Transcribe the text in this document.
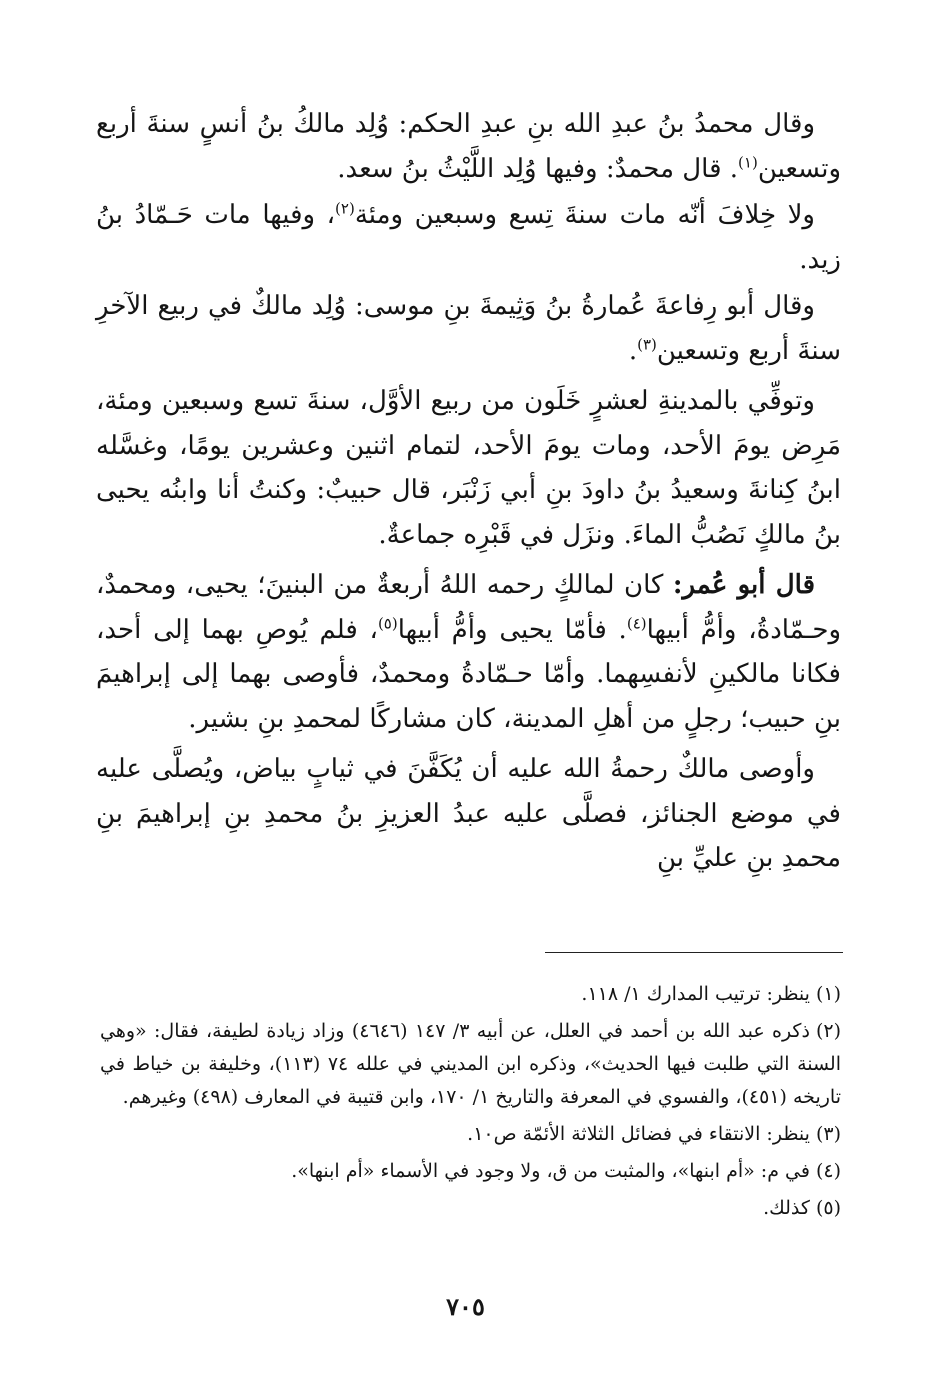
وقال محمدُ بنُ عبدِ الله بنِ عبدِ الحكم: وُلِد مالكُ بنُ أنسٍ سنةَ أربع وتسعين$^{(١)}$. قال محمدٌ: وفيها وُلِد اللَّيْثُ بنُ سعد.

ولا خِلافَ أنّه مات سنةَ تِسع وسبعين ومئة$^{(٢)}$، وفيها مات حَـمّادُ بنُ زيد.

وقال أبو رِفاعةَ عُمارةُ بنُ وَثِيمةَ بنِ موسى: وُلِد مالكٌ في ربيع الآخرِ سنةَ أربع وتسعين$^{(٣)}$.

وتوفِّي بالمدينةِ لعشرٍ خَلَون من ربيع الأوَّل، سنةَ تسع وسبعين ومئة، مَرِض يومَ الأحد، ومات يومَ الأحد، لتمام اثنين وعشرين يومًا، وغسَّله ابنُ كِنانةَ وسعيدُ بنُ داودَ بنِ أبي زَنْبَر، قال حبيبٌ: وكنتُ أنا وابنُه يحيى بنُ مالكٍ نَصُبُّ الماءَ. ونزَل في قَبْرِه جماعةٌ.

قال أبو عُمر: كان لمالكٍ رحمه اللهُ أربعةٌ من البنينَ؛ يحيى، ومحمدٌ، وحـمّادةُ، وأمُّ أبيها$^{(٤)}$. فأمّا يحيى وأمُّ أبيها$^{(٥)}$، فلم يُوصِ بهما إلى أحد، فكانا مالكينِ لأنفسِهما. وأمّا حـمّادةُ ومحمدٌ، فأوصى بهما إلى إبراهيمَ بنِ حبيب؛ رجلٍ من أهلِ المدينة، كان مشاركًا لمحمدِ بنِ بشير.

وأوصى مالكٌ رحمةُ الله عليه أن يُكَفَّنَ في ثيابٍ بياض، ويُصلَّى عليه في موضع الجنائز، فصلَّى عليه عبدُ العزيزِ بنُ محمدِ بنِ إبراهيمَ بنِ محمدِ بنِ عليِّ بنِ

(١)ينظر: ترتيب المدارك ١/ ١١٨.
(٢)ذكره عبد الله بن أحمد في العلل، عن أبيه ٣/ ١٤٧ (٤٦٤٦) وزاد زيادة لطيفة، فقال: «وهي السنة التي طلبت فيها الحديث»، وذكره ابن المديني في علله ٧٤ (١١٣)، وخليفة بن خياط في تاريخه (٤٥١)، والفسوي في المعرفة والتاريخ ١/ ١٧٠، وابن قتيبة في المعارف (٤٩٨) وغيرهم.
(٣)ينظر: الانتقاء في فضائل الثلاثة الأئمّة ص١٠.
(٤)في م: «أم ابنها»، والمثبت من ق، ولا وجود في الأسماء «أم ابنها».
(٥)كذلك.
٧٠٥
